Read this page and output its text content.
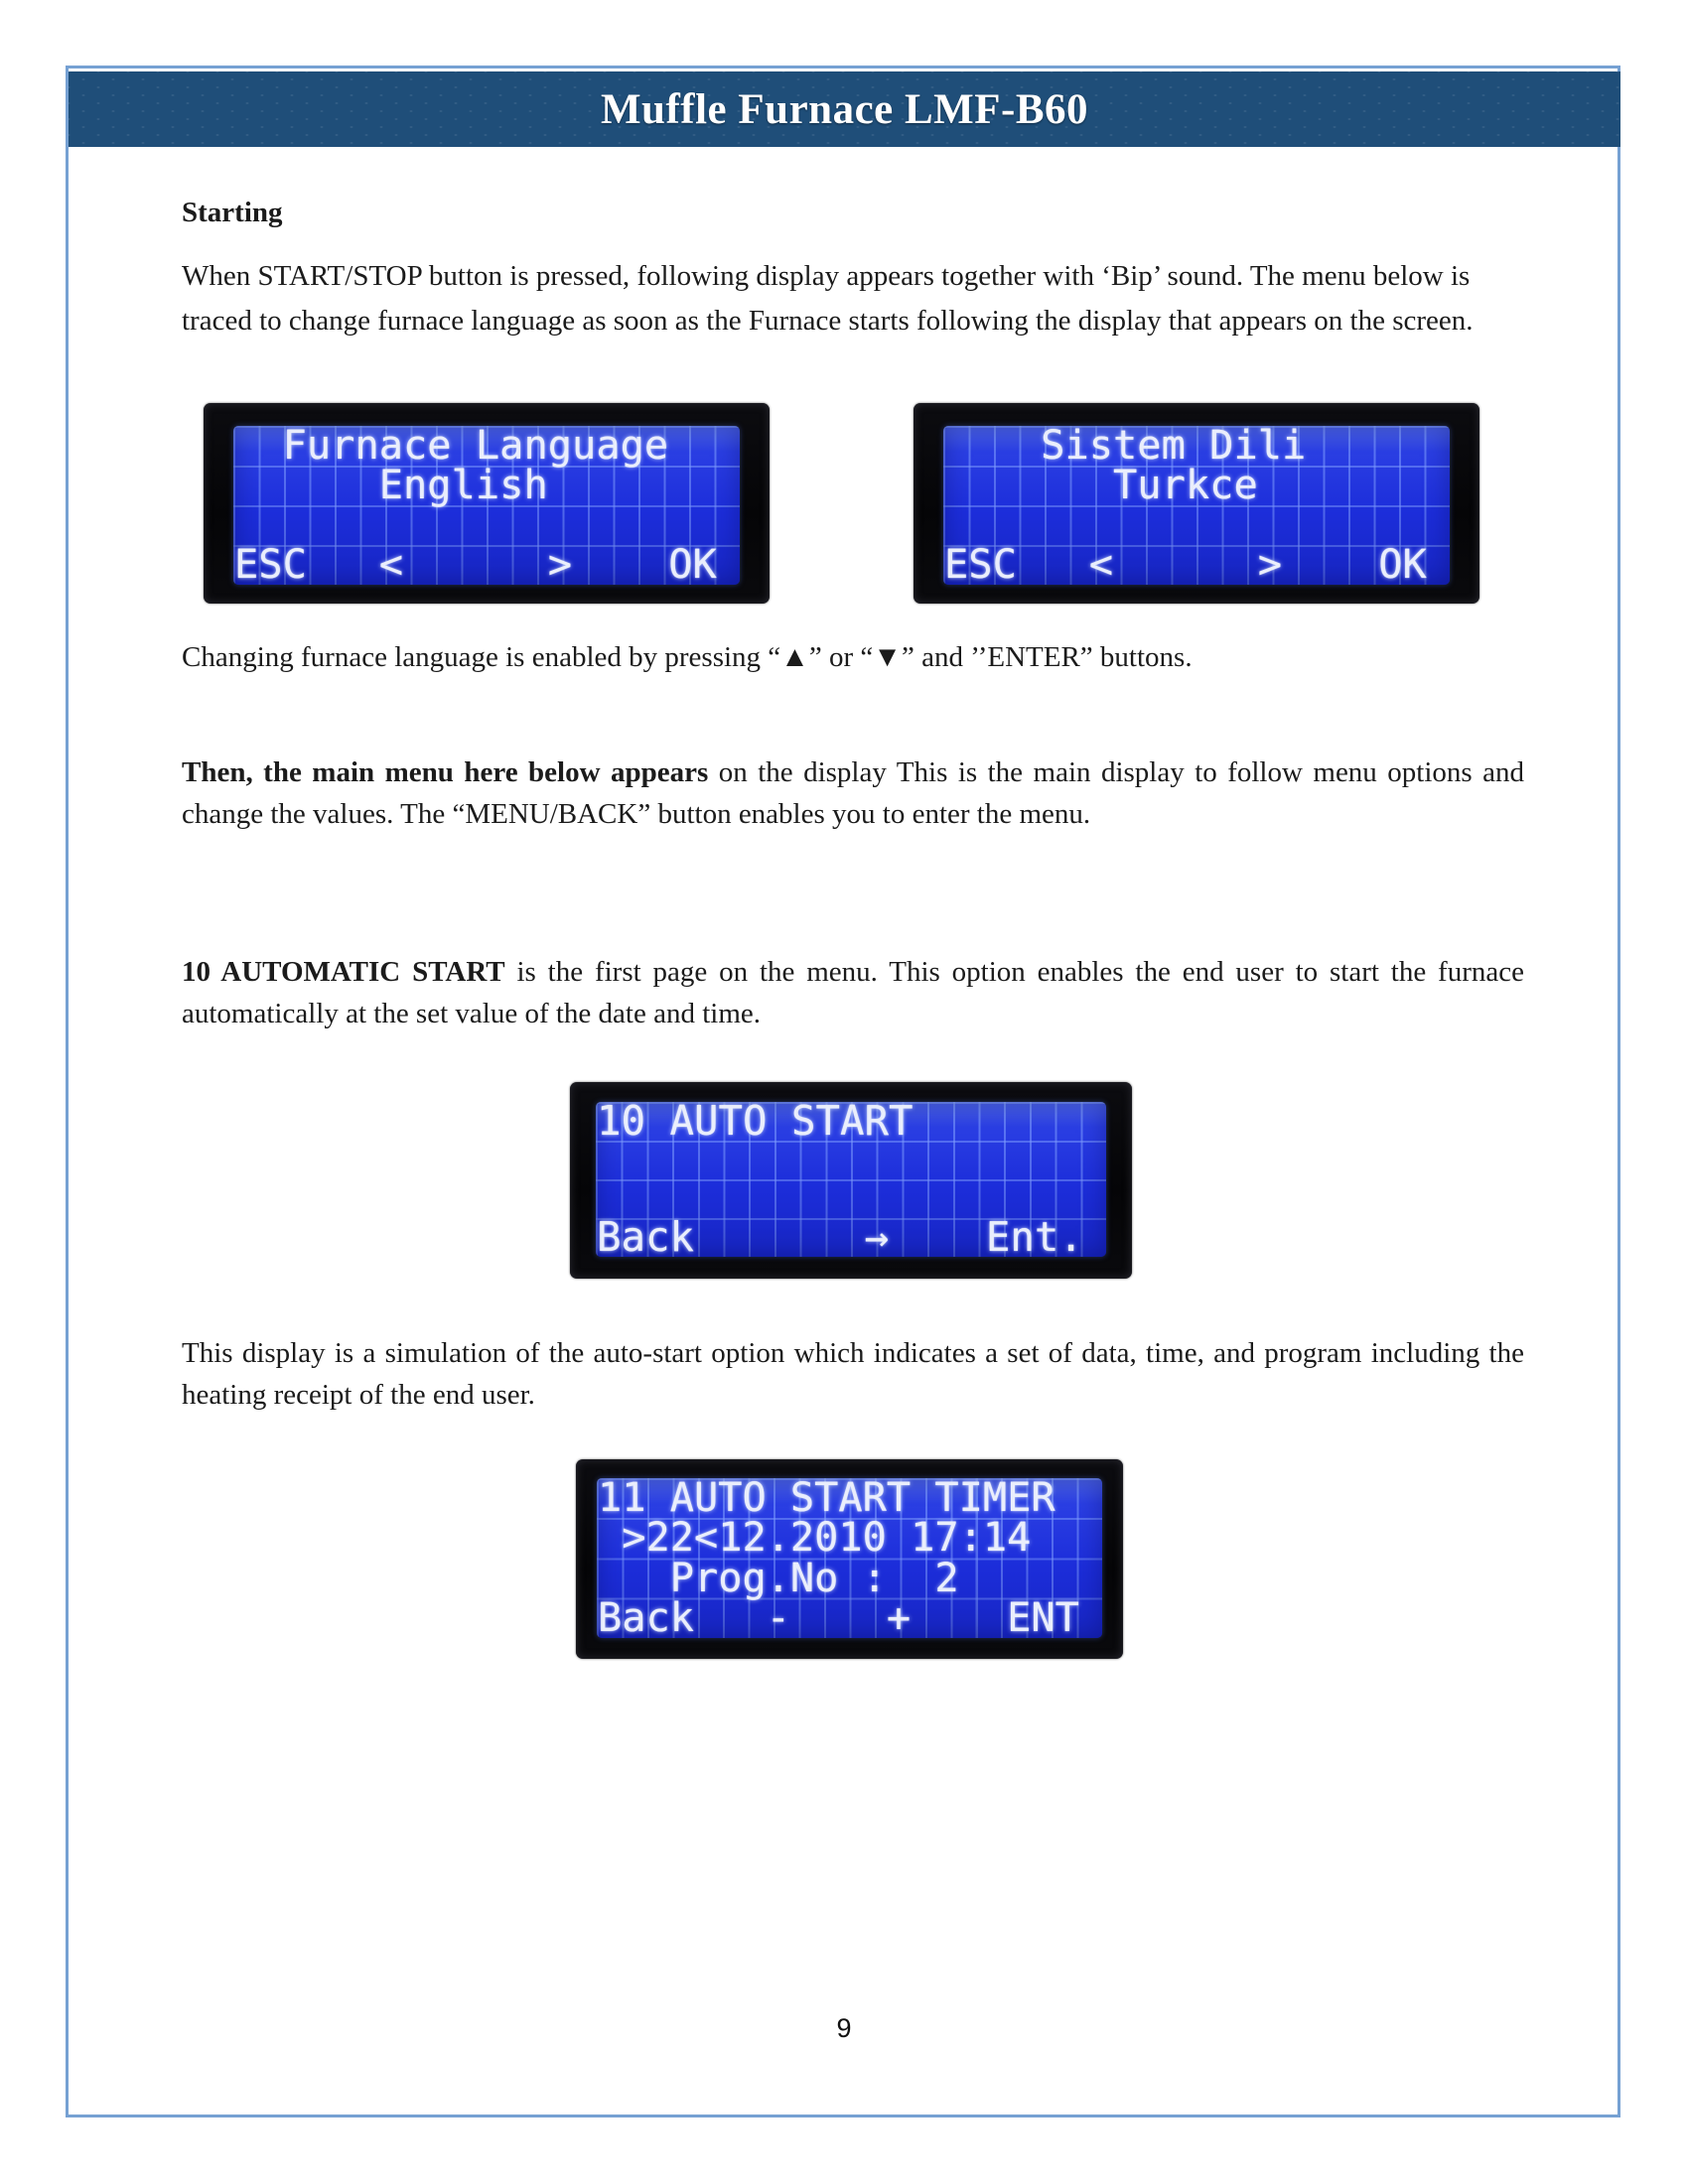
Muffle Furnace LMF-B60
Starting

When START/STOP button is pressed, following display appears together with ‘Bip’ sound. The menu below is traced to change furnace language as soon as the Furnace starts following the display that appears on the screen.

Furnace Language
English

ESC   <      >    OK
Sistem Dili
Turkce

ESC   <      >    OK

Changing furnace language is enabled by pressing “▲” or “▼” and ’’ENTER” buttons.

Then, the main menu here below appears on the display This is the main display to follow menu options and change the values. The “MENU/BACK” button enables you to enter the menu.

10 AUTOMATIC START is the first page on the menu. This option enables the end user to start the furnace automatically at the set value of the date and time.

10 AUTO START

Back       →    Ent.

This display is a simulation of the auto-start option which indicates a set of data, time, and program including the heating receipt of the end user.

11 AUTO START TIMER
>22<12.2010 17:14
Prog.No :  2
Back   -    +    ENT
9
